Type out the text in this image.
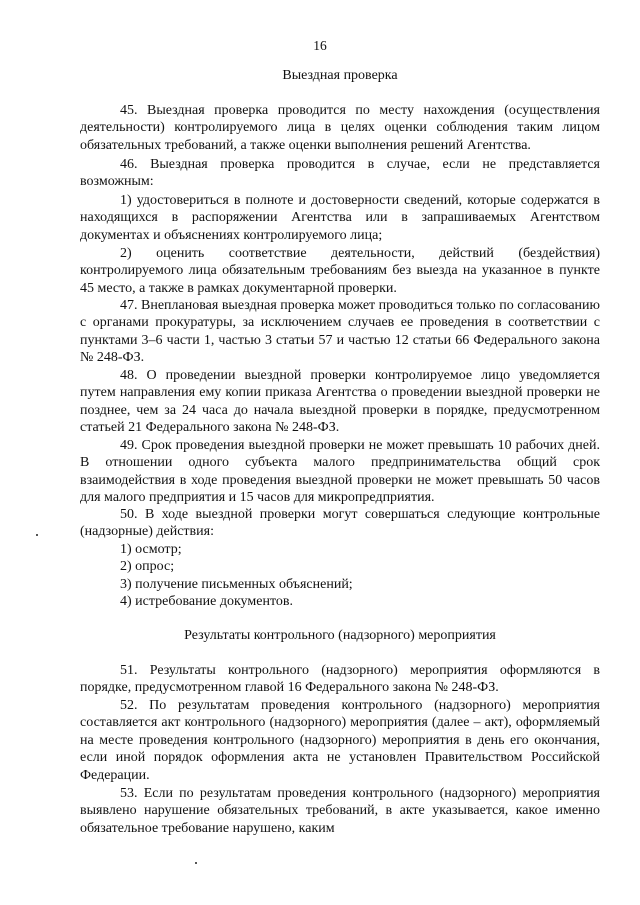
16
Выездная проверка

45. Выездная проверка проводится по месту нахождения (осуществления деятельности) контролируемого лица в целях оценки соблюдения таким лицом обязательных требований, а также оценки выполнения решений Агентства.

46. Выездная проверка проводится в случае, если не представляется возможным:

1) удостовериться в полноте и достоверности сведений, которые содержатся в находящихся в распоряжении Агентства или в запрашиваемых Агентством документах и объяснениях контролируемого лица;

2) оценить соответствие деятельности, действий (бездействия) контролируемого лица обязательным требованиям без выезда на указанное в пункте 45 место, а также в рамках документарной проверки.

47. Внеплановая выездная проверка может проводиться только по согласованию с органами прокуратуры, за исключением случаев ее проведения в соответствии с пунктами 3–6 части 1, частью 3 статьи 57 и частью 12 статьи 66 Федерального закона № 248-ФЗ.

48. О проведении выездной проверки контролируемое лицо уведомляется путем направления ему копии приказа Агентства о проведении выездной проверки не позднее, чем за 24 часа до начала выездной проверки в порядке, предусмотренном статьей 21 Федерального закона № 248-ФЗ.

49. Срок проведения выездной проверки не может превышать 10 рабочих дней. В отношении одного субъекта малого предпринимательства общий срок взаимодействия в ходе проведения выездной проверки не может превышать 50 часов для малого предприятия и 15 часов для микропредприятия.

50. В ходе выездной проверки могут совершаться следующие контрольные (надзорные) действия:

1) осмотр;

2) опрос;

3) получение письменных объяснений;

4) истребование документов.

Результаты контрольного (надзорного) мероприятия

51. Результаты контрольного (надзорного) мероприятия оформляются в порядке, предусмотренном главой 16 Федерального закона № 248-ФЗ.

52. По результатам проведения контрольного (надзорного) мероприятия составляется акт контрольного (надзорного) мероприятия (далее – акт), оформляемый на месте проведения контрольного (надзорного) мероприятия в день его окончания, если иной порядок оформления акта не установлен Правительством Российской Федерации.

53. Если по результатам проведения контрольного (надзорного) мероприятия выявлено нарушение обязательных требований, в акте указывается, какое именно обязательное требование нарушено, каким
